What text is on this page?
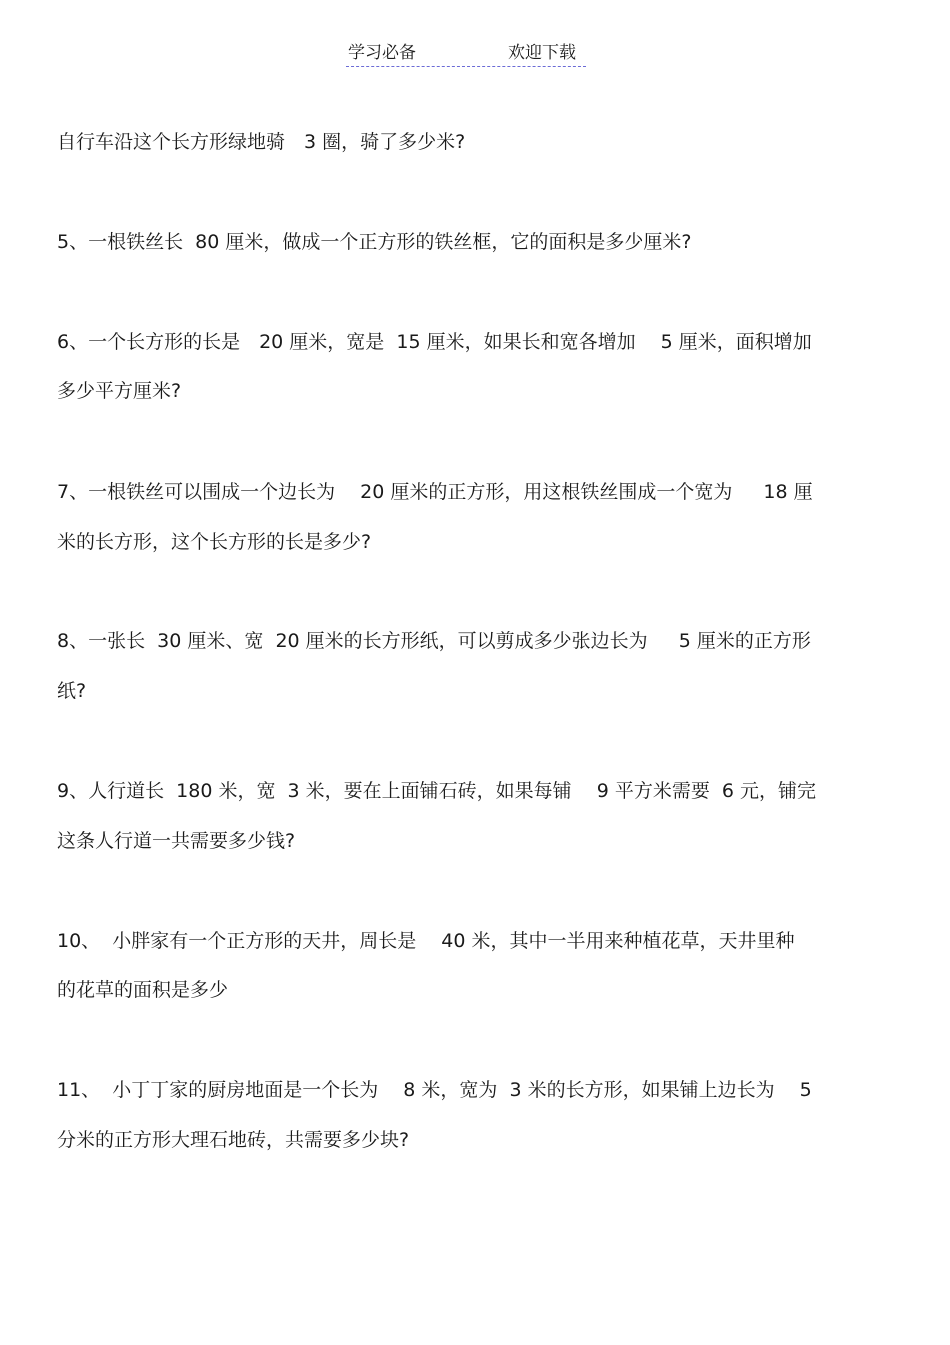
学习必备	欢迎下载

自行车沿这个长方形绿地骑　3 圈，骑了多少米?

5、一根铁丝长  80 厘米，做成一个正方形的铁丝框，它的面积是多少厘米?

6、一个长方形的长是　20 厘米，宽是  15 厘米，如果长和宽各增加　 5 厘米，面积增加

多少平方厘米?

7、一根铁丝可以围成一个边长为　 20 厘米的正方形，用这根铁丝围成一个宽为　  18 厘

米的长方形，这个长方形的长是多少?

8、一张长  30 厘米、宽  20 厘米的长方形纸，可以剪成多少张边长为　  5 厘米的正方形

纸?

9、人行道长  180 米，宽  3 米，要在上面铺石砖，如果每铺　 9 平方米需要  6 元，铺完

这条人行道一共需要多少钱?

10、  小胖家有一个正方形的天井，周长是　 40 米，其中一半用来种植花草，天井里种

的花草的面积是多少

11、  小丁丁家的厨房地面是一个长为　 8 米，宽为  3 米的长方形，如果铺上边长为　 5

分米的正方形大理石地砖，共需要多少块?
